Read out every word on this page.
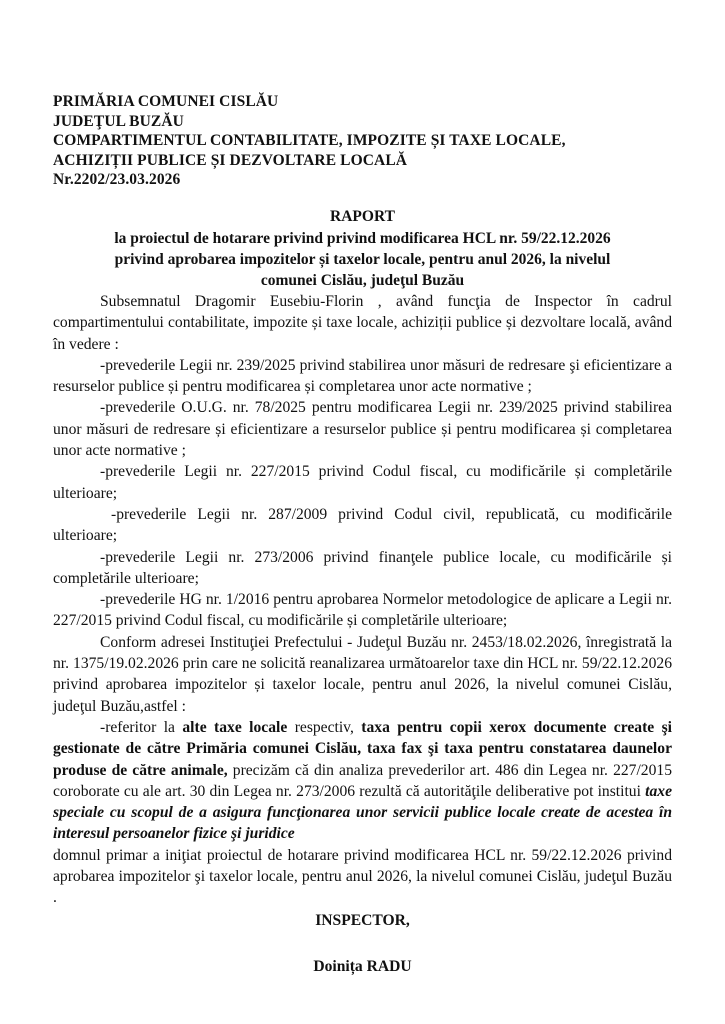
PRIMĂRIA COMUNEI CISLĂU
JUDEŢUL BUZĂU
COMPARTIMENTUL CONTABILITATE, IMPOZITE ȘI TAXE LOCALE,
ACHIZIȚII PUBLICE ȘI DEZVOLTARE LOCALĂ
Nr.2202/23.03.2026
RAPORT
la proiectul de hotarare privind privind modificarea HCL nr. 59/22.12.2026
privind aprobarea impozitelor și taxelor locale, pentru anul 2026, la nivelul
comunei Cislău, judeţul Buzău

Subsemnatul Dragomir Eusebiu-Florin , având funcţia de Inspector în cadrul compartimentului contabilitate, impozite și taxe locale, achiziții publice și dezvoltare locală, având în vedere :

-prevederile Legii nr. 239/2025 privind stabilirea unor măsuri de redresare şi eficientizare a resurselor publice și pentru modificarea și completarea unor acte normative ;

-prevederile O.U.G. nr. 78/2025 pentru modificarea Legii nr. 239/2025 privind stabilirea unor măsuri de redresare și eficientizare a resurselor publice și pentru modificarea și completarea unor acte normative ;

-prevederile Legii nr. 227/2015 privind Codul fiscal, cu modificările și completările ulterioare;

-prevederile Legii nr. 287/2009 privind Codul civil, republicată, cu modificările ulterioare;

-prevederile Legii nr. 273/2006 privind finanţele publice locale, cu modificările și completările ulterioare;

-prevederile HG nr. 1/2016 pentru aprobarea Normelor metodologice de aplicare a Legii nr. 227/2015 privind Codul fiscal, cu modificările și completările ulterioare;

Conform adresei Instituţiei Prefectului - Judeţul Buzău nr. 2453/18.02.2026, înregistrată la nr. 1375/19.02.2026 prin care ne solicită reanalizarea următoarelor taxe din HCL nr. 59/22.12.2026 privind aprobarea impozitelor și taxelor locale, pentru anul 2026, la nivelul comunei Cislău, judeţul Buzău,astfel :

-referitor la alte taxe locale respectiv, taxa pentru copii xerox documente create şi gestionate de către Primăria comunei Cislău, taxa fax şi taxa pentru constatarea daunelor produse de către animale, precizăm că din analiza prevederilor art. 486 din Legea nr. 227/2015 coroborate cu ale art. 30 din Legea nr. 273/2006 rezultă că autorităţile deliberative pot institui taxe speciale cu scopul de a asigura funcţionarea unor servicii publice locale create de acestea în interesul persoanelor fizice şi juridice

domnul primar a iniţiat proiectul de hotarare privind modificarea HCL nr. 59/22.12.2026 privind aprobarea impozitelor şi taxelor locale, pentru anul 2026, la nivelul comunei Cislău, judeţul Buzău .

INSPECTOR,
Doinița RADU
